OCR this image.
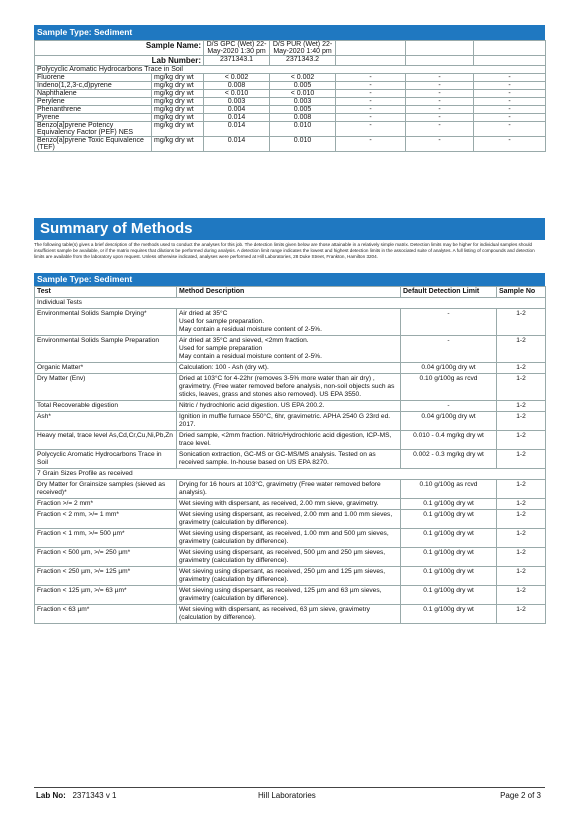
Sample Type: Sediment
Sample Name:		D/S GPC (Wet) 22-May-2020 1:30 pm	D/S PUR (Wet) 22-May-2020 1:40 pm			
Lab Number:		2371343.1	2371343.2			
Polycyclic Aromatic Hydrocarbons Trace in Soil						
Fluorene	mg/kg dry wt	< 0.002	< 0.002	-	-	-
Indeno(1,2,3-c,d)pyrene	mg/kg dry wt	0.008	0.005	-	-	-
Naphthalene	mg/kg dry wt	< 0.010	< 0.010	-	-	-
Perylene	mg/kg dry wt	0.003	0.003	-	-	-
Phenanthrene	mg/kg dry wt	0.004	0.005	-	-	-
Pyrene	mg/kg dry wt	0.014	0.008	-	-	-
Benzo[a]pyrene Potency Equivalency Factor (PEF) NES	mg/kg dry wt	0.014	0.010	-	-	-
Benzo[a]pyrene Toxic Equivalence (TEF)	mg/kg dry wt	0.014	0.010	-	-	-
Summary of Methods
The following table(s) gives a brief description of the methods used to conduct the analyses for this job. The detection limits given below are those attainable in a relatively simple matrix. Detection limits may be higher for individual samples should insufficient sample be available, or if the matrix requires that dilutions be performed during analysis. A detection limit range indicates the lowest and highest detection limits in the associated suite of analytes. A full listing of compounds and detection limits are available from the laboratory upon request. Unless otherwise indicated, analyses were performed at Hill Laboratories, 28 Duke Street, Frankton, Hamilton 3204.
Sample Type: Sediment
Test	Method Description	Default Detection Limit	Sample No
Individual Tests			
Environmental Solids Sample Drying*	Air dried at 35°C
Used for sample preparation.
May contain a residual moisture content of 2-5%.	-	1-2
Environmental Solids Sample Preparation	Air dried at 35°C and sieved, <2mm fraction.
Used for sample preparation
May contain a residual moisture content of 2-5%.	-	1-2
Organic Matter*	Calculation: 100 - Ash (dry wt).	0.04 g/100g dry wt	1-2
Dry Matter (Env)	Dried at 103°C for 4-22hr (removes 3-5% more water than air dry) , gravimetry. (Free water removed before analysis, non-soil objects such as sticks, leaves, grass and stones also removed). US EPA 3550.	0.10 g/100g as rcvd	1-2
Total Recoverable digestion	Nitric / hydrochloric acid digestion. US EPA 200.2.	-	1-2
Ash*	Ignition in muffle furnace 550°C, 6hr, gravimetric. APHA 2540 G 23rd ed. 2017.	0.04 g/100g dry wt	1-2
Heavy metal, trace level As,Cd,Cr,Cu,Ni,Pb,Zn	Dried sample, <2mm fraction. Nitric/Hydrochloric acid digestion, ICP-MS, trace level.	0.010 - 0.4 mg/kg dry wt	1-2
Polycyclic Aromatic Hydrocarbons Trace in Soil	Sonication extraction, GC-MS or GC-MS/MS analysis. Tested on as received sample. In-house based on US EPA 8270.	0.002 - 0.3 mg/kg dry wt	1-2
7 Grain Sizes Profile as received			
Dry Matter for Grainsize samples (sieved as received)*	Drying for 16 hours at 103°C, gravimetry (Free water removed before analysis).	0.10 g/100g as rcvd	1-2
Fraction >/= 2 mm*	Wet sieving with dispersant, as received, 2.00 mm sieve, gravimetry.	0.1 g/100g dry wt	1-2
Fraction < 2 mm, >/= 1 mm*	Wet sieving using dispersant, as received, 2.00 mm and 1.00 mm sieves, gravimetry (calculation by difference).	0.1 g/100g dry wt	1-2
Fraction < 1 mm, >/= 500 µm*	Wet sieving using dispersant, as received, 1.00 mm and 500 µm sieves, gravimetry (calculation by difference).	0.1 g/100g dry wt	1-2
Fraction < 500 µm, >/= 250 µm*	Wet sieving using dispersant, as received, 500 µm and 250 µm sieves, gravimetry (calculation by difference).	0.1 g/100g dry wt	1-2
Fraction < 250 µm, >/= 125 µm*	Wet sieving using dispersant, as received, 250 µm and 125 µm sieves, gravimetry (calculation by difference).	0.1 g/100g dry wt	1-2
Fraction < 125 µm, >/= 63 µm*	Wet sieving using dispersant, as received, 125 µm and 63 µm sieves, gravimetry (calculation by difference).	0.1 g/100g dry wt	1-2
Fraction < 63 µm*	Wet sieving with dispersant, as received, 63 µm sieve, gravimetry (calculation by difference).	0.1 g/100g dry wt	1-2
Lab No: 2371343 v 1	Hill Laboratories	Page 2 of 3
